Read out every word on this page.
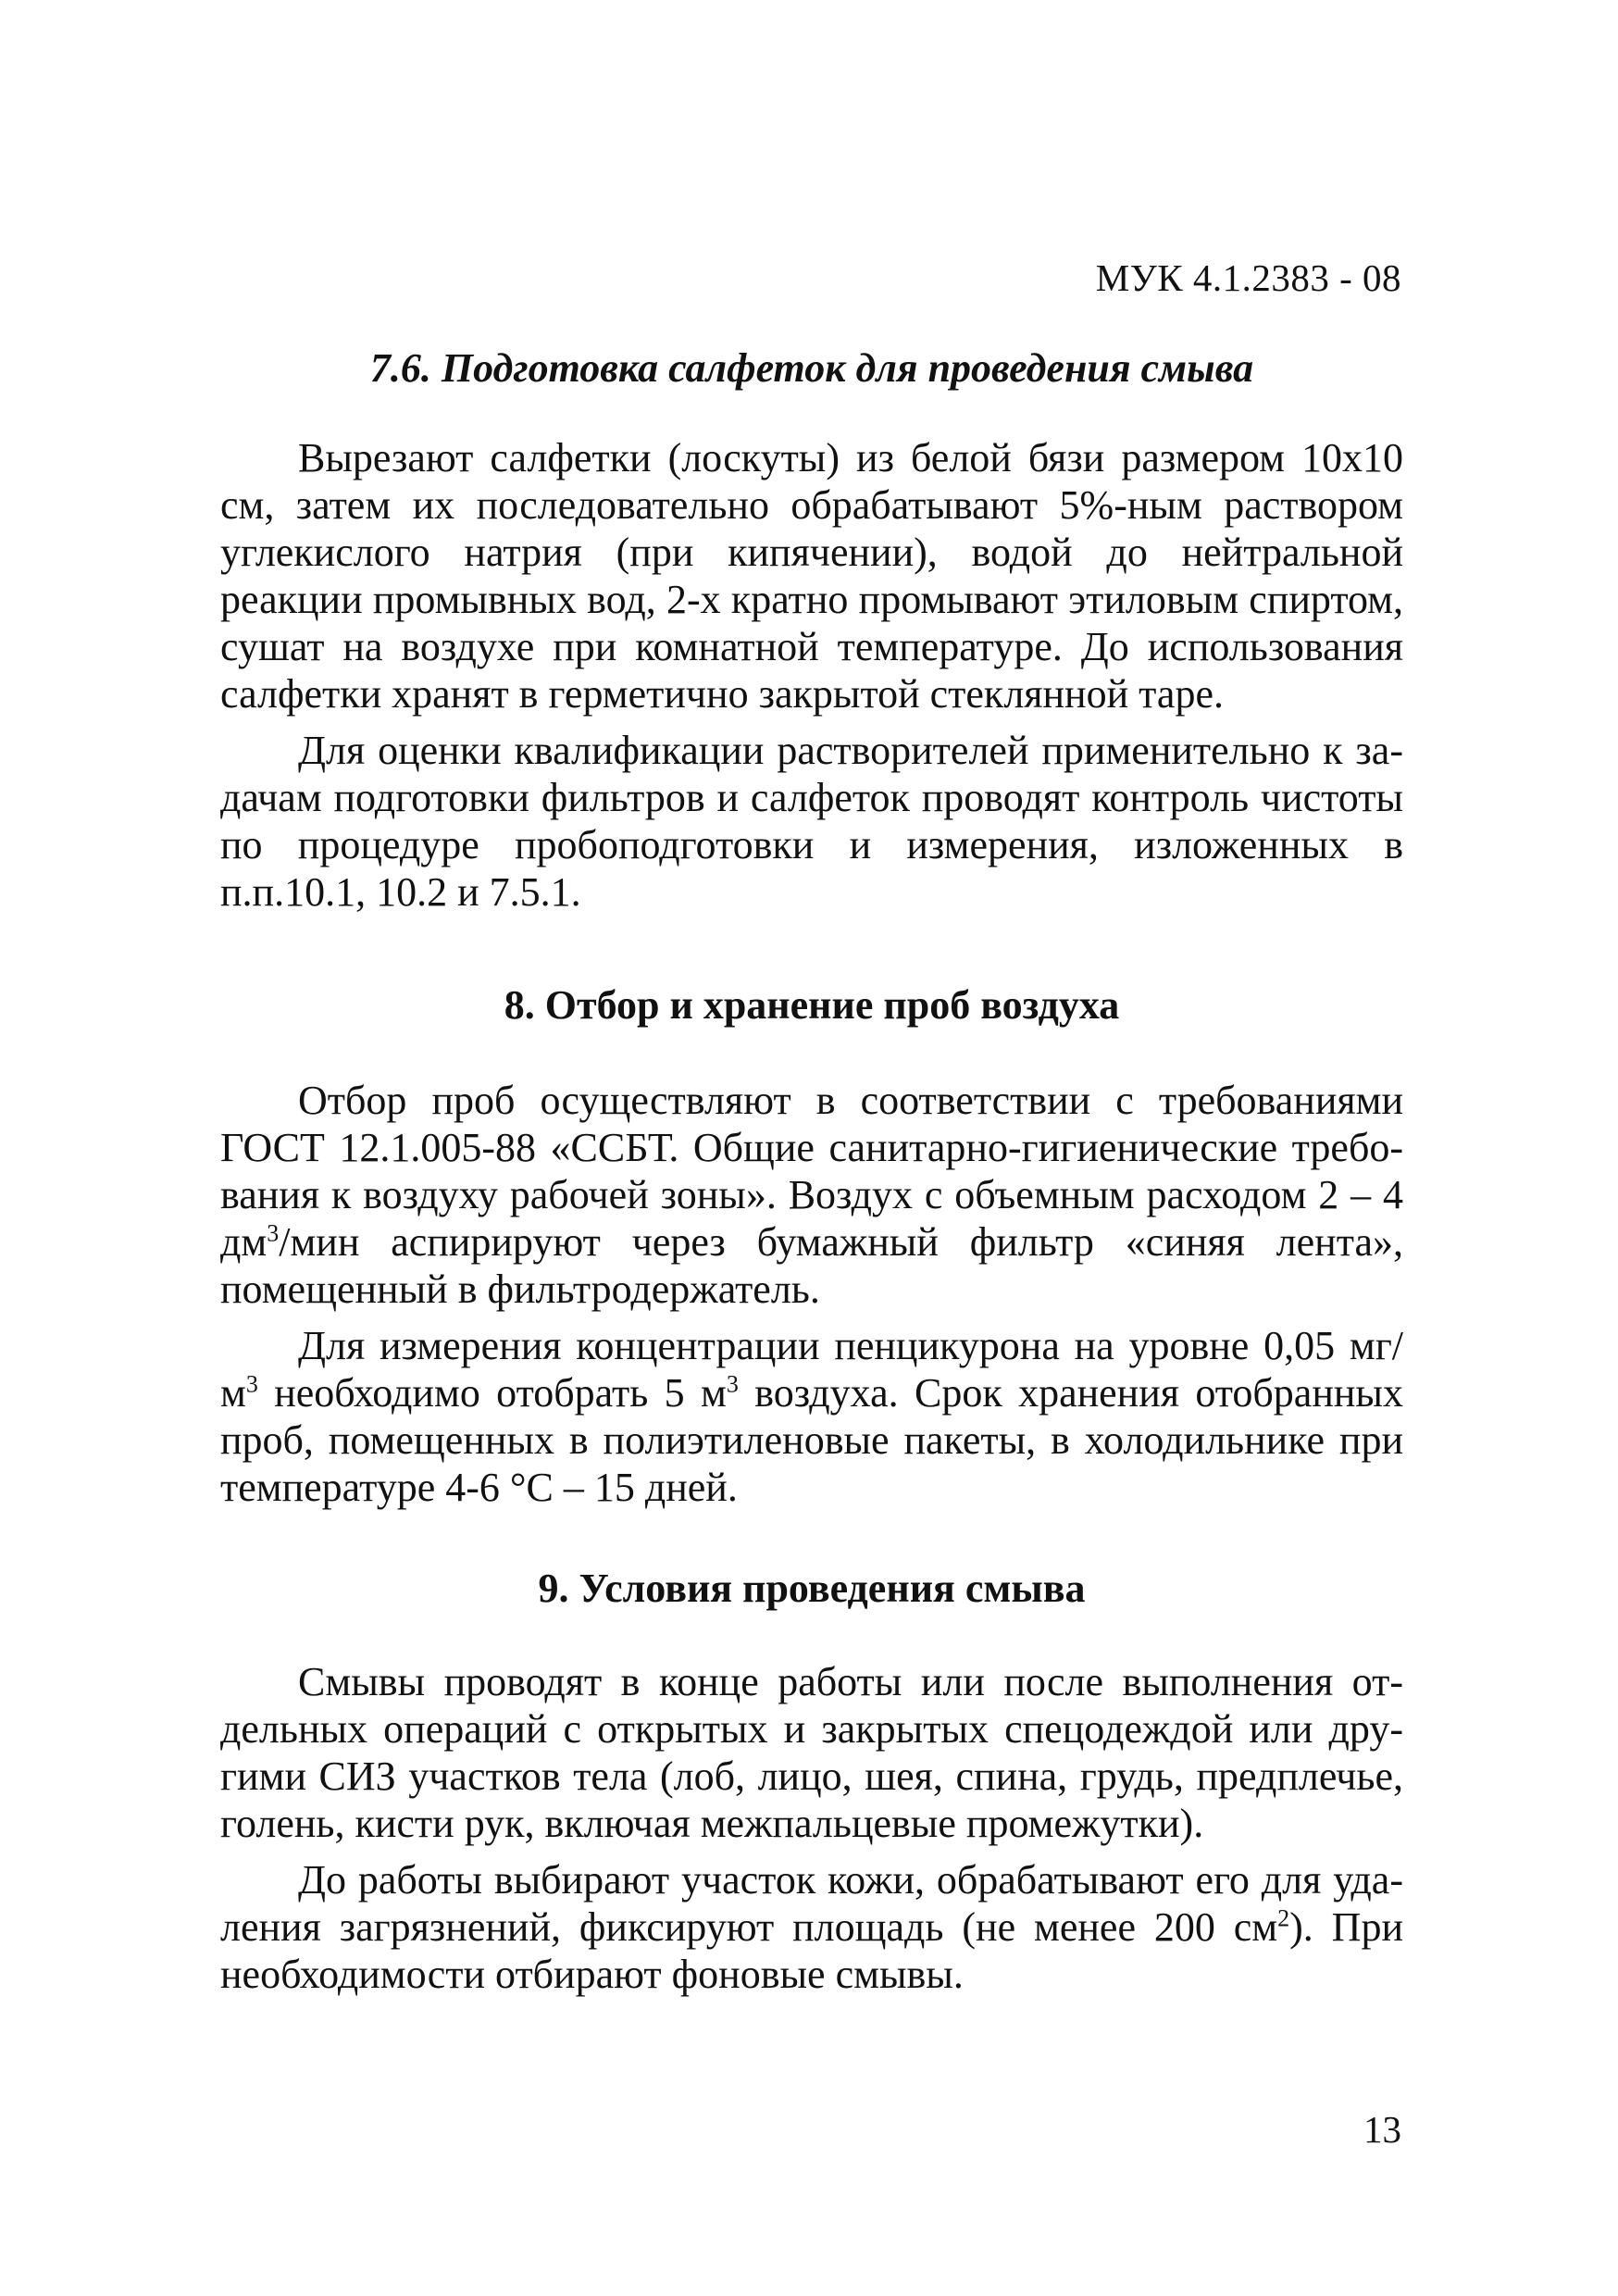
МУК 4.1.2383 - 08
7.6. Подготовка салфеток для проведения смыва

Вырезают салфетки (лоскуты) из белой бязи размером 10х10 см, затем их последовательно обрабатывают 5%-ным раствором углекислого натрия (при кипячении), водой до нейтральной реакции промывных вод, 2-х кратно промывают этиловым спиртом, сушат на воздухе при комнатной температуре. До использования салфетки хранят в герметично закрытой стеклянной таре.

Для оценки квалификации растворителей применительно к задачам подготовки фильтров и салфеток проводят контроль чистоты по процедуре пробоподготовки и измерения, изложенных в п.п.10.1, 10.2 и 7.5.1.

8. Отбор и хранение проб воздуха

Отбор проб осуществляют в соответствии с требованиями ГОСТ 12.1.005-88 «ССБТ. Общие санитарно-гигиенические требования к воздуху рабочей зоны». Воздух с объемным расходом 2 – 4 $дм^3$/мин аспирируют через бумажный фильтр «синяя лента», помещенный в фильтродержатель.

Для измерения концентрации пенцикурона на уровне 0,05 $мг/м^3$ необходимо отобрать 5 $м^3$ воздуха. Срок хранения отобранных проб, помещенных в полиэтиленовые пакеты, в холодильнике при температуре 4-6 °С – 15 дней.

9. Условия проведения смыва

Смывы проводят в конце работы или после выполнения отдельных операций с открытых и закрытых спецодеждой или другими СИЗ участков тела (лоб, лицо, шея, спина, грудь, предплечье, голень, кисти рук, включая межпальцевые промежутки).

До работы выбирают участок кожи, обрабатывают его для удаления загрязнений, фиксируют площадь (не менее 200 $см^2$). При необходимости отбирают фоновые смывы.

13
